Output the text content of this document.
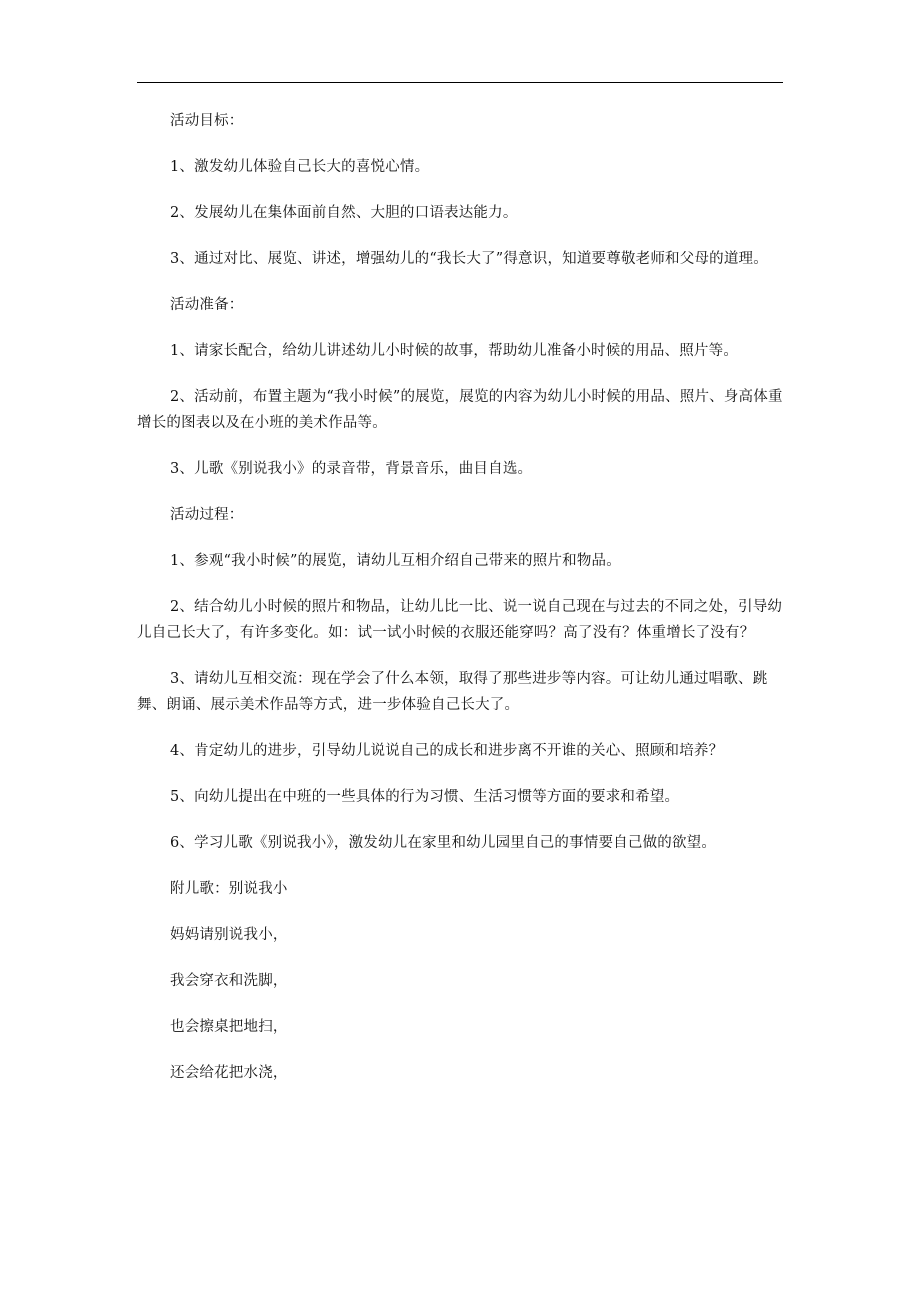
活动目标：

1、激发幼儿体验自己长大的喜悦心情。

2、发展幼儿在集体面前自然、大胆的口语表达能力。

3、通过对比、展览、讲述，增强幼儿的“我长大了”得意识，知道要尊敬老师和父母的道理。

活动准备：

1、请家长配合，给幼儿讲述幼儿小时候的故事，帮助幼儿准备小时候的用品、照片等。

2、活动前，布置主题为“我小时候”的展览，展览的内容为幼儿小时候的用品、照片、身高体重增长的图表以及在小班的美术作品等。

3、儿歌《别说我小》的录音带，背景音乐，曲目自选。

活动过程：

1、参观“我小时候”的展览，请幼儿互相介绍自己带来的照片和物品。

2、结合幼儿小时候的照片和物品，让幼儿比一比、说一说自己现在与过去的不同之处，引导幼儿自己长大了，有许多变化。如：试一试小时候的衣服还能穿吗？高了没有？体重增长了没有？

3、请幼儿互相交流：现在学会了什么本领，取得了那些进步等内容。可让幼儿通过唱歌、跳舞、朗诵、展示美术作品等方式，进一步体验自己长大了。

4、肯定幼儿的进步，引导幼儿说说自己的成长和进步离不开谁的关心、照顾和培养？

5、向幼儿提出在中班的一些具体的行为习惯、生活习惯等方面的要求和希望。

6、学习儿歌《别说我小》，激发幼儿在家里和幼儿园里自己的事情要自己做的欲望。

附儿歌：别说我小

妈妈请别说我小，

我会穿衣和洗脚，

也会擦桌把地扫，

还会给花把水浇，
